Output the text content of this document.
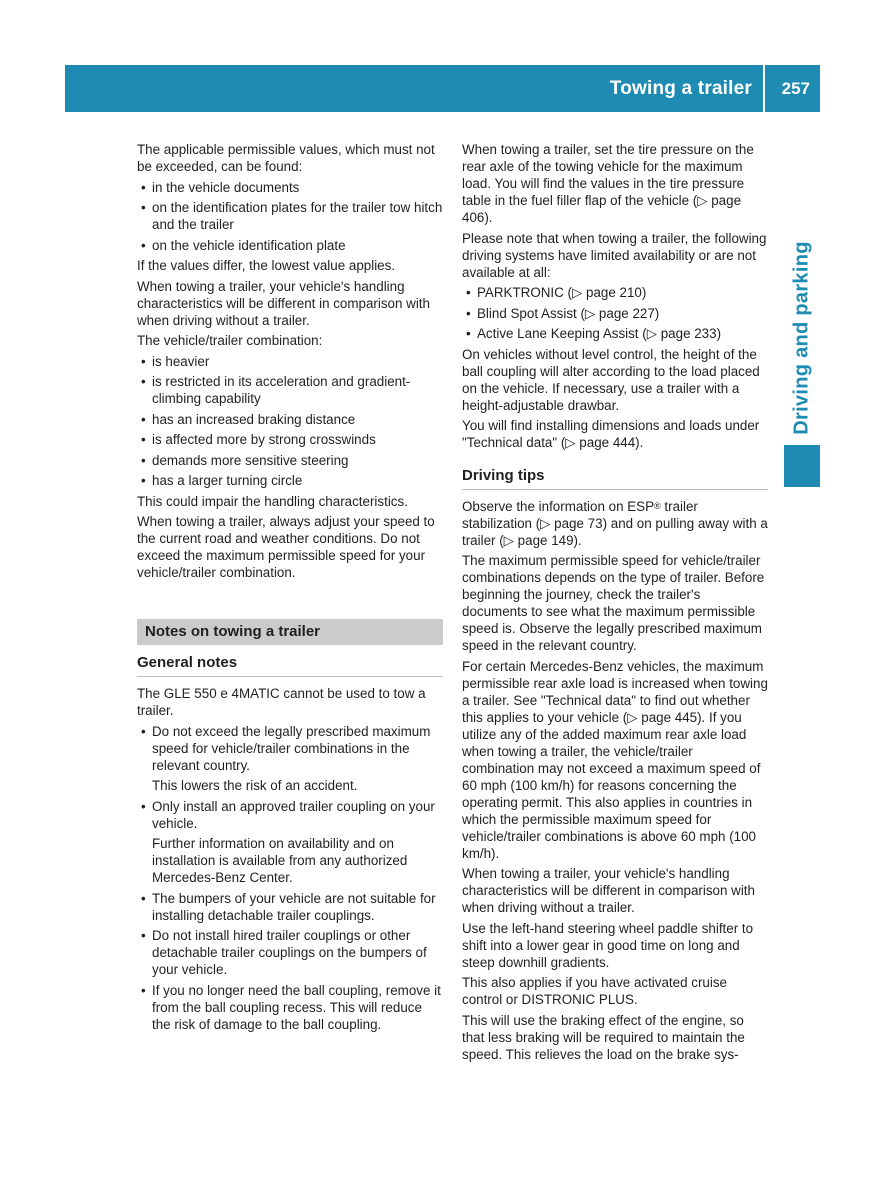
Towing a trailer 257
Driving and parking

The applicable permissible values, which must not be exceeded, can be found:

• in the vehicle documents
• on the identification plates for the trailer tow hitch and the trailer
• on the vehicle identification plate

If the values differ, the lowest value applies.

When towing a trailer, your vehicle's handling characteristics will be different in comparison with when driving without a trailer.

The vehicle/trailer combination:

• is heavier
• is restricted in its acceleration and gradient-climbing capability
• has an increased braking distance
• is affected more by strong crosswinds
• demands more sensitive steering
• has a larger turning circle

This could impair the handling characteristics.

When towing a trailer, always adjust your speed to the current road and weather conditions. Do not exceed the maximum permissible speed for your vehicle/trailer combination.

Notes on towing a trailer
General notes

The GLE 550 e 4MATIC cannot be used to tow a trailer.

• Do not exceed the legally prescribed maximum speed for vehicle/trailer combinations in the relevant country.
This lowers the risk of an accident.
• Only install an approved trailer coupling on your vehicle.
Further information on availability and on installation is available from any authorized Mercedes-Benz Center.
• The bumpers of your vehicle are not suitable for installing detachable trailer couplings.
• Do not install hired trailer couplings or other detachable trailer couplings on the bumpers of your vehicle.
• If you no longer need the ball coupling, remove it from the ball coupling recess. This will reduce the risk of damage to the ball coupling.

When towing a trailer, set the tire pressure on the rear axle of the towing vehicle for the maximum load. You will find the values in the tire pressure table in the fuel filler flap of the vehicle (▷ page 406).

Please note that when towing a trailer, the following driving systems have limited availability or are not available at all:

• PARKTRONIC (▷ page 210)
• Blind Spot Assist (▷ page 227)
• Active Lane Keeping Assist (▷ page 233)

On vehicles without level control, the height of the ball coupling will alter according to the load placed on the vehicle. If necessary, use a trailer with a height-adjustable drawbar.

You will find installing dimensions and loads under "Technical data" (▷ page 444).

Driving tips

Observe the information on ESP® trailer stabilization (▷ page 73) and on pulling away with a trailer (▷ page 149).

The maximum permissible speed for vehicle/trailer combinations depends on the type of trailer. Before beginning the journey, check the trailer's documents to see what the maximum permissible speed is. Observe the legally prescribed maximum speed in the relevant country.

For certain Mercedes-Benz vehicles, the maximum permissible rear axle load is increased when towing a trailer. See "Technical data" to find out whether this applies to your vehicle (▷ page 445). If you utilize any of the added maximum rear axle load when towing a trailer, the vehicle/trailer combination may not exceed a maximum speed of 60 mph (100 km/h) for reasons concerning the operating permit. This also applies in countries in which the permissible maximum speed for vehicle/trailer combinations is above 60 mph (100 km/h).

When towing a trailer, your vehicle's handling characteristics will be different in comparison with when driving without a trailer.

Use the left-hand steering wheel paddle shifter to shift into a lower gear in good time on long and steep downhill gradients.

This also applies if you have activated cruise control or DISTRONIC PLUS.

This will use the braking effect of the engine, so that less braking will be required to maintain the speed. This relieves the load on the brake sys-
